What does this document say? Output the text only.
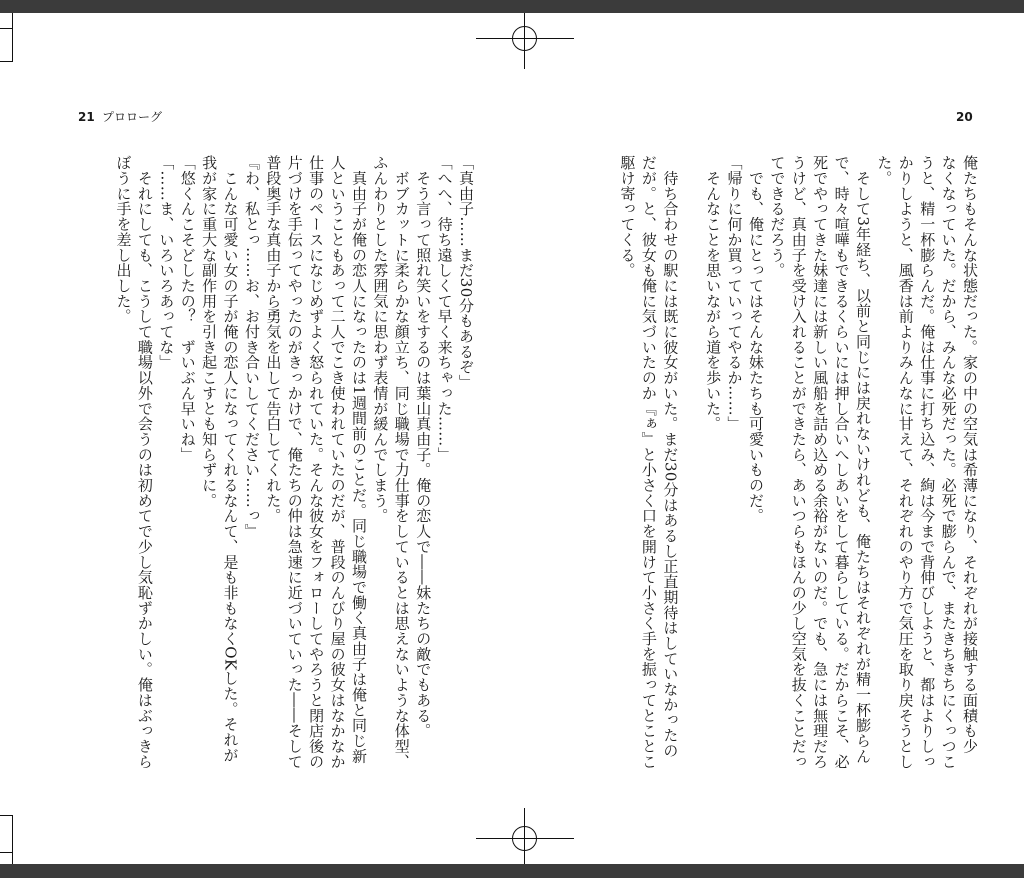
21 プロローグ	20
俺たちもそんな状態だった。家の中の空気は希薄になり、それぞれが接触する面積も少
なくなっていた。だから、みんな必死だった。必死で膨らんで、またきちきちにくっつこ
うと、精一杯膨らんだ。俺は仕事に打ち込み、絢は今まで背伸びしようと、都はよりしっ
かりしようと、風香は前よりみんなに甘えて、それぞれのやり方で気圧を取り戻そうとし
た。
　そして3年経ち、以前と同じには戻れないけれども、俺たちはそれぞれが精一杯膨らん
で、時々喧嘩もできるくらいには押し合いへしあいをして暮らしている。だからこそ、必
死でやってきた妹達には新しい風船を詰め込める余裕がないのだ。でも、急には無理だろ
うけど、真由子を受け入れることができたら、あいつらもほんの少し空気を抜くことだっ
てできるだろう。
　でも、俺にとってはそんな妹たちも可愛いものだ。
「帰りに何か買っていってやるか……」
　そんなことを思いながら道を歩いた。

　待ち合わせの駅には既に彼女がいた。まだ30分はあるし正直期待はしていなかったの
だが。と、彼女も俺に気づいたのか『ぁ』と小さく口を開けて小さく手を振ってとことこ
駆け寄ってくる。
「真由子……まだ30分もあるぞ」
「へへ、待ち遠しくて早く来ちゃった……」
　そう言って照れ笑いをするのは葉山真由子。俺の恋人で――妹たちの敵でもある。
　ボブカットに柔らかな顔立ち、同じ職場で力仕事をしているとは思えないような体型、
ふんわりとした雰囲気に思わず表情が緩んでしまう。
　真由子が俺の恋人になったのは1週間前のことだ。同じ職場で働く真由子は俺と同じ新
人ということもあって二人でこき使われていたのだが、普段のんびり屋の彼女はなかなか
仕事のペースになじめずよく怒られていた。そんな彼女をフォローしてやろうと閉店後の
片づけを手伝ってやったのがきっかけで、俺たちの仲は急速に近づいていった――そして
普段奥手な真由子から勇気を出して告白してくれた。
『わ、私とっ……お、お付き合いしてください……っ』
　こんな可愛い女の子が俺の恋人になってくれるなんて、是も非もなくOKした。それが
我が家に重大な副作用を引き起こすとも知らずに。
「悠くんこそどしたの？　ずいぶん早いね」
「……ま、いろいろあってな」
　それにしても、こうして職場以外で会うのは初めてで少し気恥ずかしい。俺はぶっきら
ぼうに手を差し出した。
